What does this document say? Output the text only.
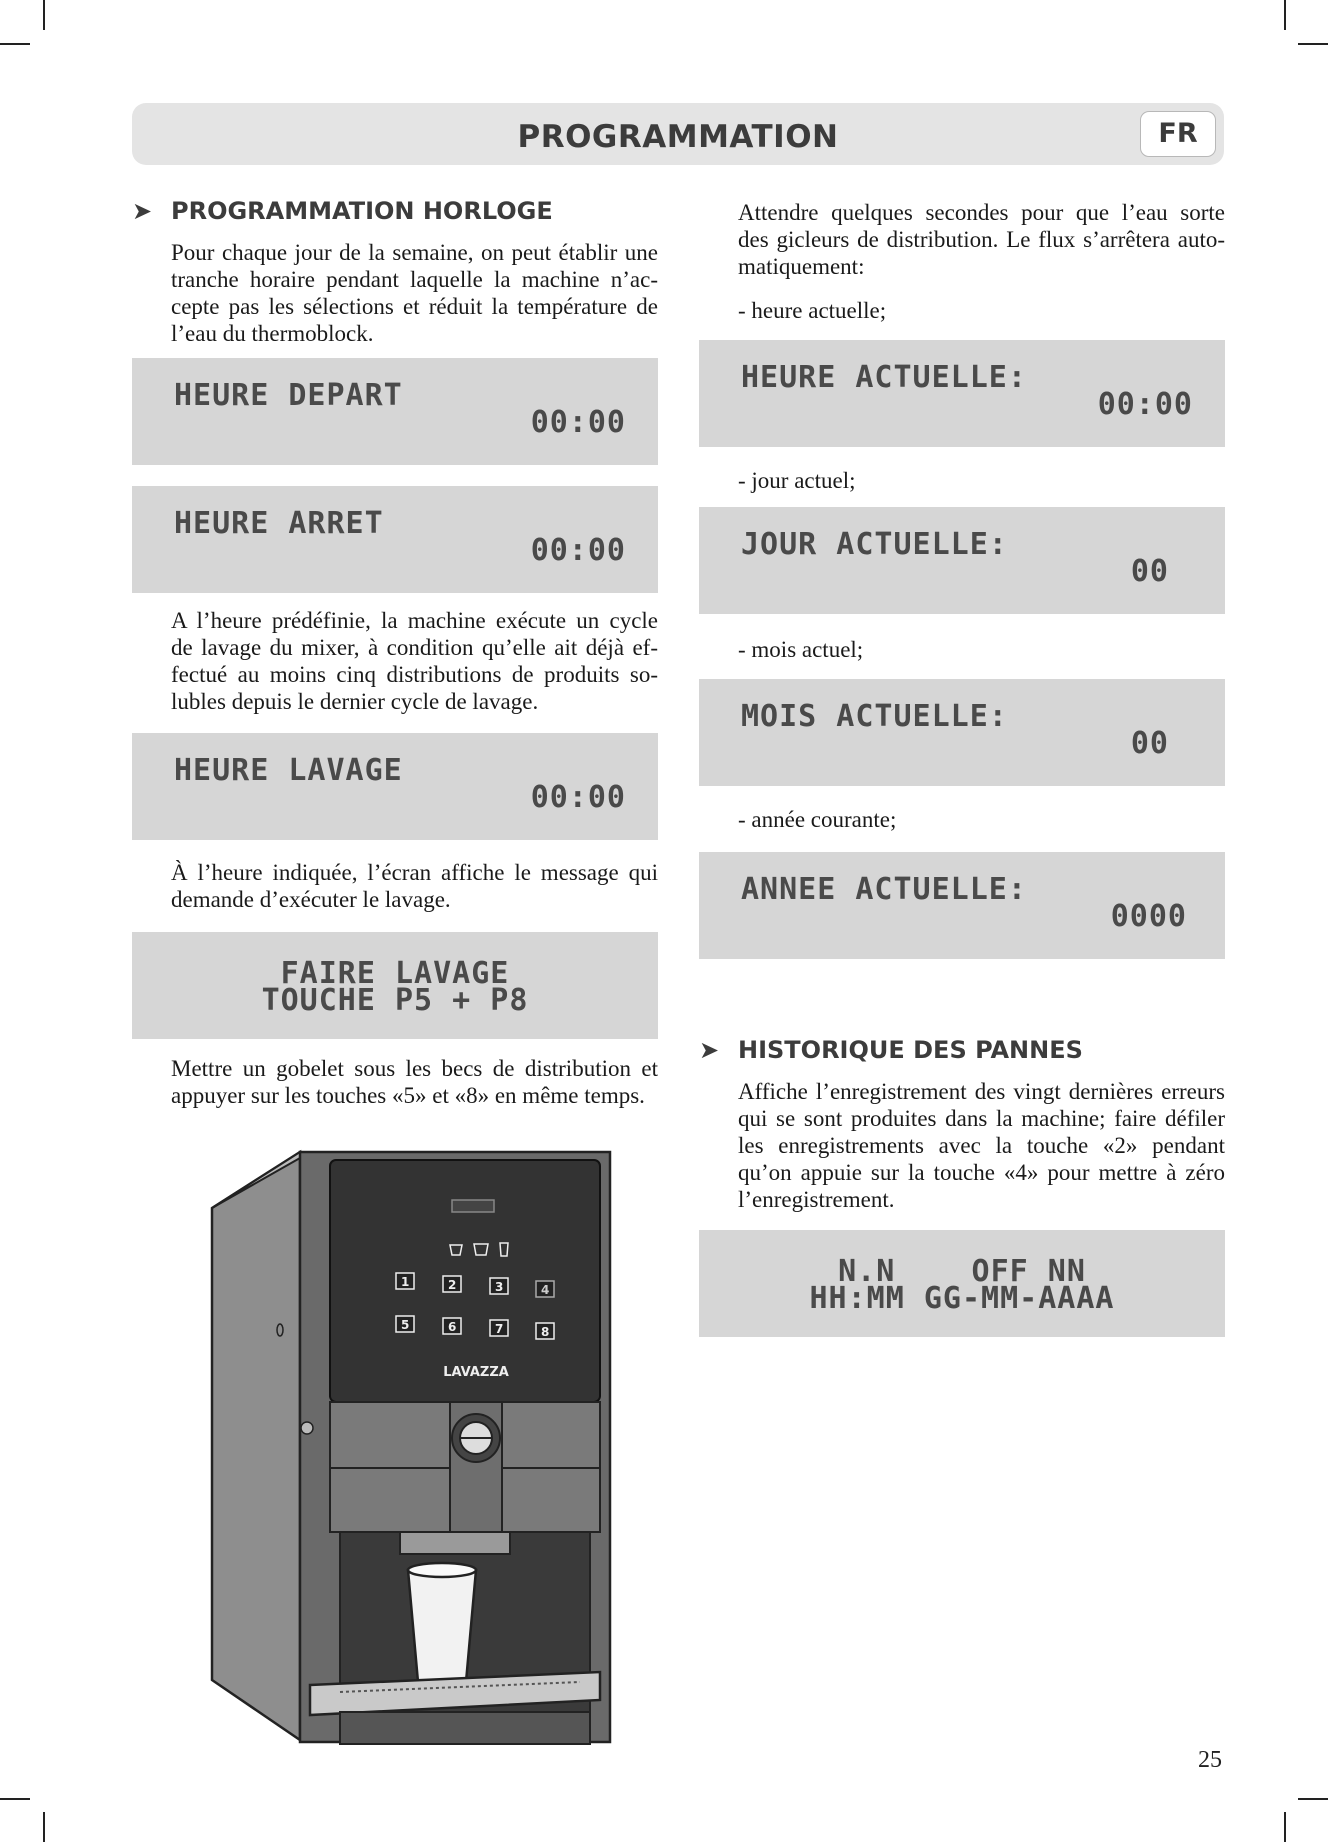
PROGRAMMATION	FR
➤ PROGRAMMATION HORLOGE
Pour chaque jour de la semaine, on peut établir une
tranche horaire pendant laquelle la machine n’ac-
cepte pas les sélections et réduit la température de
l’eau du thermoblock.
HEURE DEPART
00:00
HEURE ARRET
00:00
A l’heure prédéfinie, la machine exécute un cycle
de lavage du mixer, à condition qu’elle ait déjà ef-
fectué au moins cinq distributions de produits so-
lubles depuis le dernier cycle de lavage.
HEURE LAVAGE
00:00
À l’heure indiquée, l’écran affiche le message qui
demande d’exécuter le lavage.
FAIRE LAVAGE
TOUCHE P5 + P8
Mettre un gobelet sous les becs de distribution et
appuyer sur les touches «5» et «8» en même temps.
1	2	3	4
5	6	7	8
LAVAZZA
Attendre quelques secondes pour que l’eau sorte
des gicleurs de distribution. Le flux s’arrêtera auto-
matiquement:
- heure actuelle;
HEURE ACTUELLE:
00:00
- jour actuel;
JOUR ACTUELLE:
00
- mois actuel;
MOIS ACTUELLE:
00
- année courante;
ANNEE ACTUELLE:
0000
➤ HISTORIQUE DES PANNES
Affiche l’enregistrement des vingt dernières erreurs
qui se sont produites dans la machine; faire défiler
les enregistrements avec la touche «2» pendant
qu’on appuie sur la touche «4» pour mettre à zéro
l’enregistrement.
N.N    OFF NN
HH:MM GG-MM-AAAA
25
